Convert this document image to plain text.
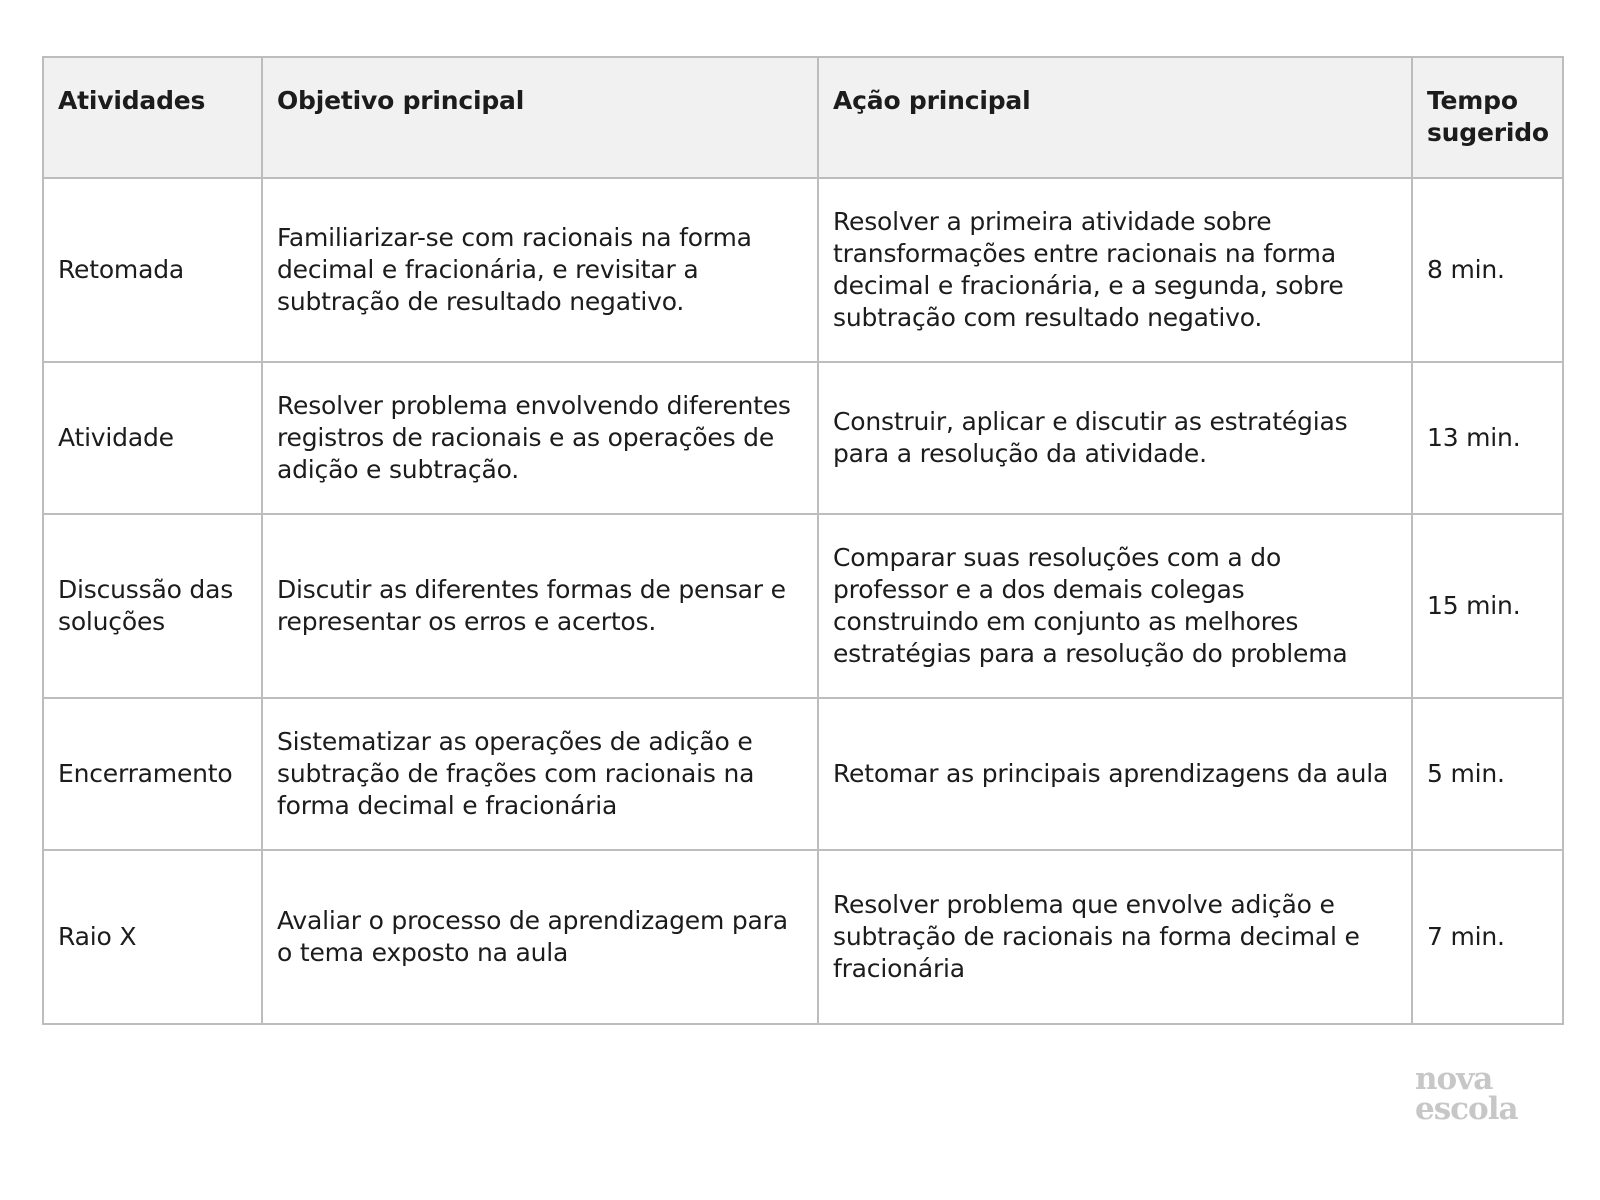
Atividades	Objetivo principal	Ação principal	Tempo sugerido
Retomada	Familiarizar-se com racionais na forma decimal e fracionária, e revisitar a subtração de resultado negativo.	Resolver a primeira atividade sobre transformações entre racionais na forma decimal e fracionária, e a segunda, sobre subtração com resultado negativo.	8 min.
Atividade	Resolver problema envolvendo diferentes registros de racionais e as operações de adição e subtração.	Construir, aplicar e discutir as estratégias para a resolução da atividade.	13 min.
Discussão das soluções	Discutir as diferentes formas de pensar e representar os erros e acertos.	Comparar suas resoluções com a do professor e a dos demais colegas construindo em conjunto as melhores estratégias para a resolução do problema	15 min.
Encerramento	Sistematizar as operações de adição e subtração de frações com racionais na forma decimal e fracionária	Retomar as principais aprendizagens da aula	5 min.
Raio X	Avaliar o processo de aprendizagem para o tema exposto na aula	Resolver problema que envolve adição e subtração de racionais na forma decimal e fracionária	7 min.
nova
escola
